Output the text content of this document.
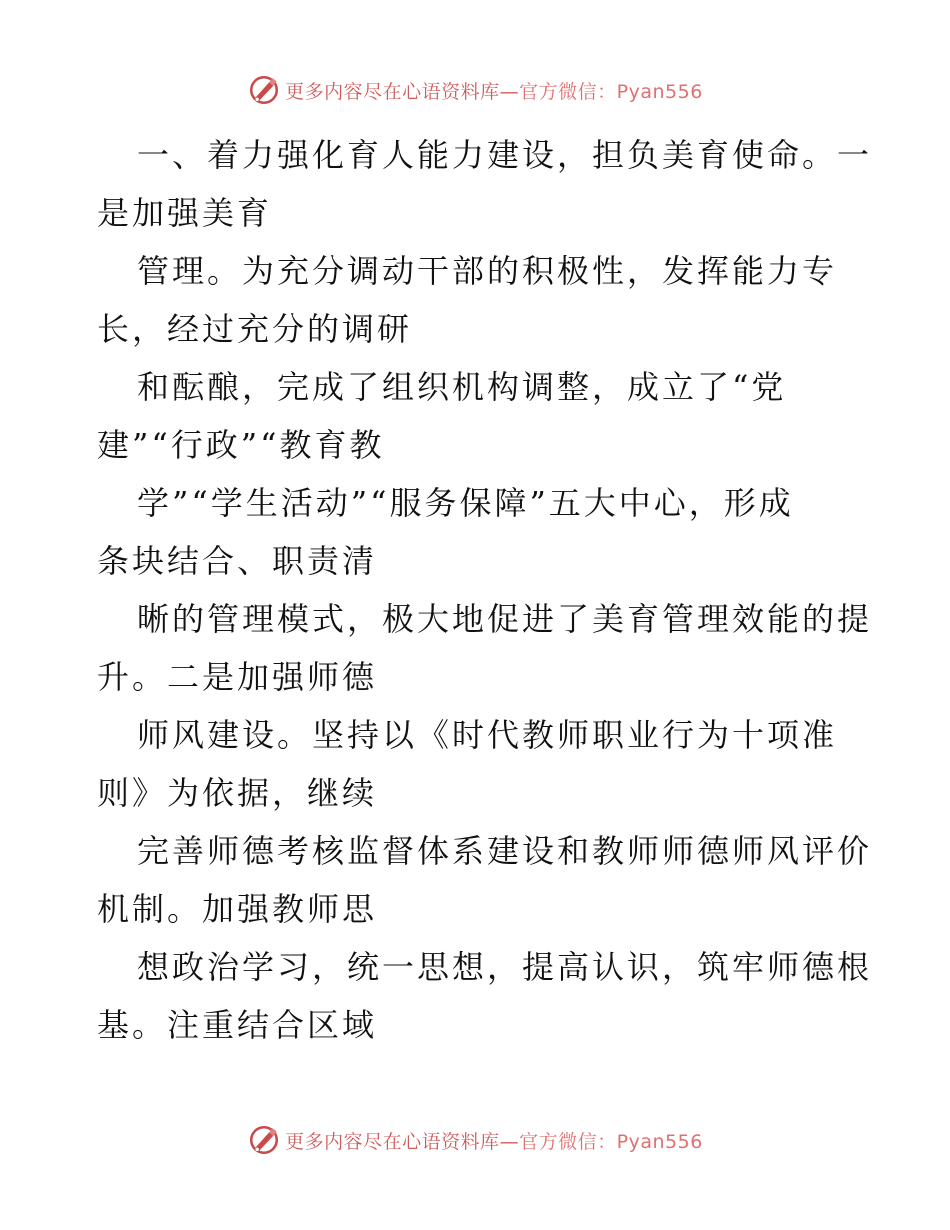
更多内容尽在心语资料库—官方微信：Pyan556

一、着力强化育人能力建设，担负美育使命。一
是加强美育

管理。为充分调动干部的积极性，发挥能力专
长，经过充分的调研

和酝酿，完成了组织机构调整，成立了“党
建”“行政”“教育教

学”“学生活动”“服务保障”五大中心，形成
条块结合、职责清

晰的管理模式，极大地促进了美育管理效能的提
升。二是加强师德

师风建设。坚持以《时代教师职业行为十项准
则》为依据，继续

完善师德考核监督体系建设和教师师德师风评价
机制。加强教师思

想政治学习，统一思想，提高认识，筑牢师德根
基。注重结合区域

更多内容尽在心语资料库—官方微信：Pyan556
